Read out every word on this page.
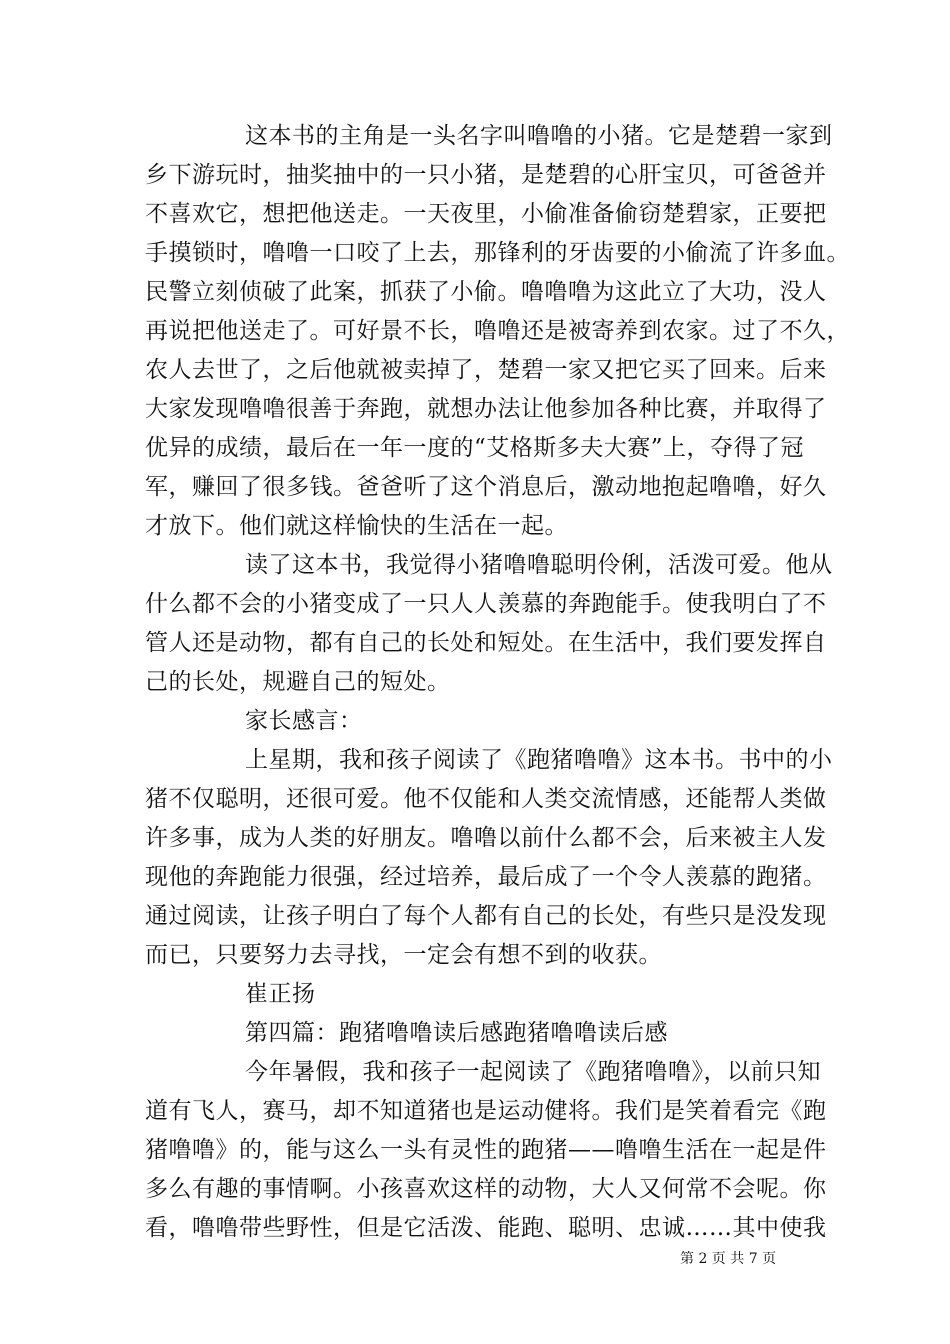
这本书的主角是一头名字叫噜噜的小猪。它是楚碧一家到
乡下游玩时，抽奖抽中的一只小猪，是楚碧的心肝宝贝，可爸爸并
不喜欢它，想把他送走。一天夜里，小偷准备偷窃楚碧家，正要把
手摸锁时，噜噜一口咬了上去，那锋利的牙齿要的小偷流了许多血。
民警立刻侦破了此案，抓获了小偷。噜噜噜为这此立了大功，没人
再说把他送走了。可好景不长，噜噜还是被寄养到农家。过了不久，
农人去世了，之后他就被卖掉了，楚碧一家又把它买了回来。后来
大家发现噜噜很善于奔跑，就想办法让他参加各种比赛，并取得了
优异的成绩，最后在一年一度的“艾格斯多夫大赛”上，夺得了冠
军，赚回了很多钱。爸爸听了这个消息后，激动地抱起噜噜，好久
才放下。他们就这样愉快的生活在一起。
读了这本书，我觉得小猪噜噜聪明伶俐，活泼可爱。他从
什么都不会的小猪变成了一只人人羡慕的奔跑能手。使我明白了不
管人还是动物，都有自己的长处和短处。在生活中，我们要发挥自
己的长处，规避自己的短处。
家长感言：
上星期，我和孩子阅读了《跑猪噜噜》这本书。书中的小
猪不仅聪明，还很可爱。他不仅能和人类交流情感，还能帮人类做
许多事，成为人类的好朋友。噜噜以前什么都不会，后来被主人发
现他的奔跑能力很强，经过培养，最后成了一个令人羡慕的跑猪。
通过阅读，让孩子明白了每个人都有自己的长处，有些只是没发现
而已，只要努力去寻找，一定会有想不到的收获。
崔正扬
第四篇：跑猪噜噜读后感跑猪噜噜读后感
今年暑假，我和孩子一起阅读了《跑猪噜噜》，以前只知
道有飞人，赛马，却不知道猪也是运动健将。我们是笑着看完《跑
猪噜噜》的，能与这么一头有灵性的跑猪——噜噜生活在一起是件
多么有趣的事情啊。小孩喜欢这样的动物，大人又何常不会呢。你
看，噜噜带些野性，但是它活泼、能跑、聪明、忠诚……其中使我
第 2 页 共 7 页
